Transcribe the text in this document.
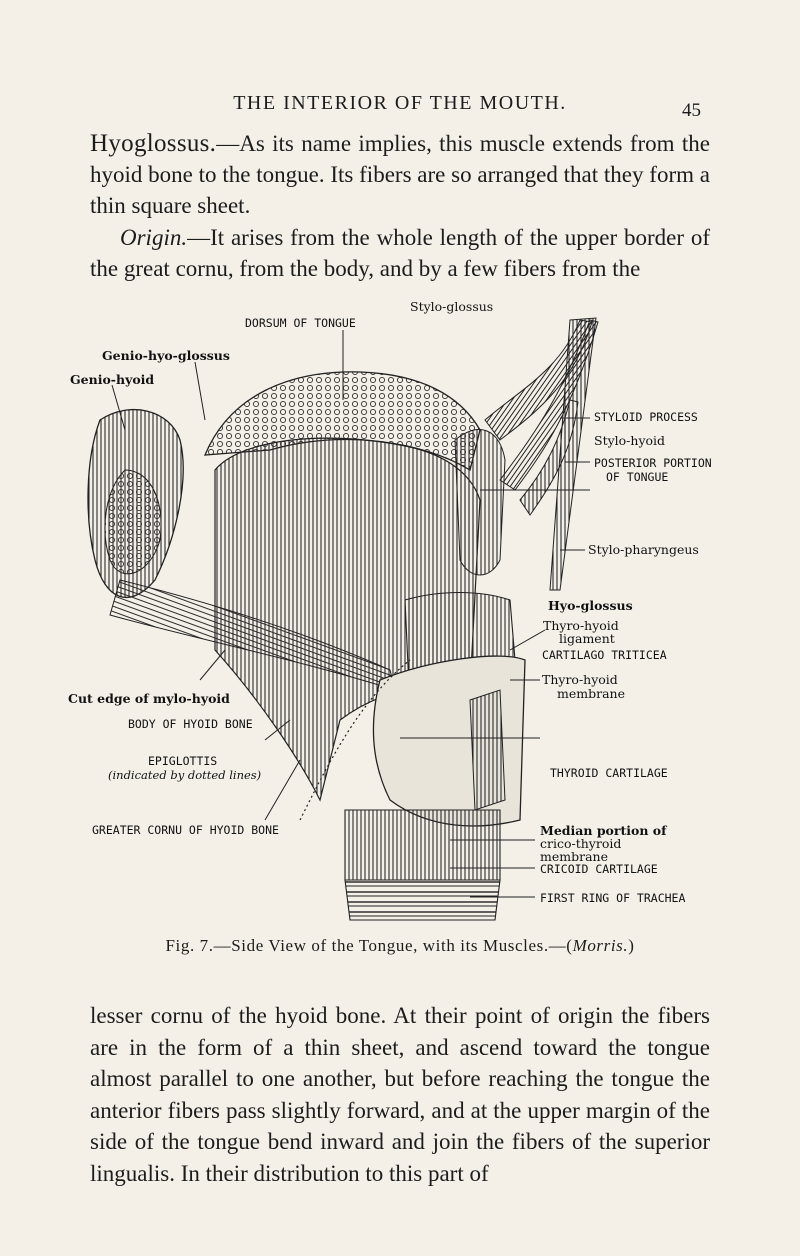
THE INTERIOR OF THE MOUTH.	45

Hyoglossus.—As its name implies, this muscle extends from the hyoid bone to the tongue. Its fibers are so arranged that they form a thin square sheet.

Origin.—It arises from the whole length of the upper border of the great cornu, from the body, and by a few fibers from the

Stylo-glossus
DORSUM OF TONGUE
Genio-hyo-glossus
Genio-hyoid
STYLOID PROCESS
Stylo-hyoid
POSTERIOR PORTION
OF TONGUE
Stylo-pharyngeus
Hyo-glossus
Thyro-hyoid
ligament
CARTILAGO TRITICEA
Thyro-hyoid
membrane
Cut edge of mylo-hyoid
BODY OF HYOID BONE
EPIGLOTTIS
(indicated by dotted lines)	THYROID CARTILAGE
GREATER CORNU OF HYOID BONE	Median portion of
crico-thyroid
membrane
CRICOID CARTILAGE
FIRST RING OF TRACHEA
Fig. 7.—Side View of the Tongue, with its Muscles.—(Morris.)

lesser cornu of the hyoid bone. At their point of origin the fibers are in the form of a thin sheet, and ascend toward the tongue almost parallel to one another, but before reaching the tongue the anterior fibers pass slightly forward, and at the upper margin of the side of the tongue bend inward and join the fibers of the superior lingualis. In their distribution to this part of
